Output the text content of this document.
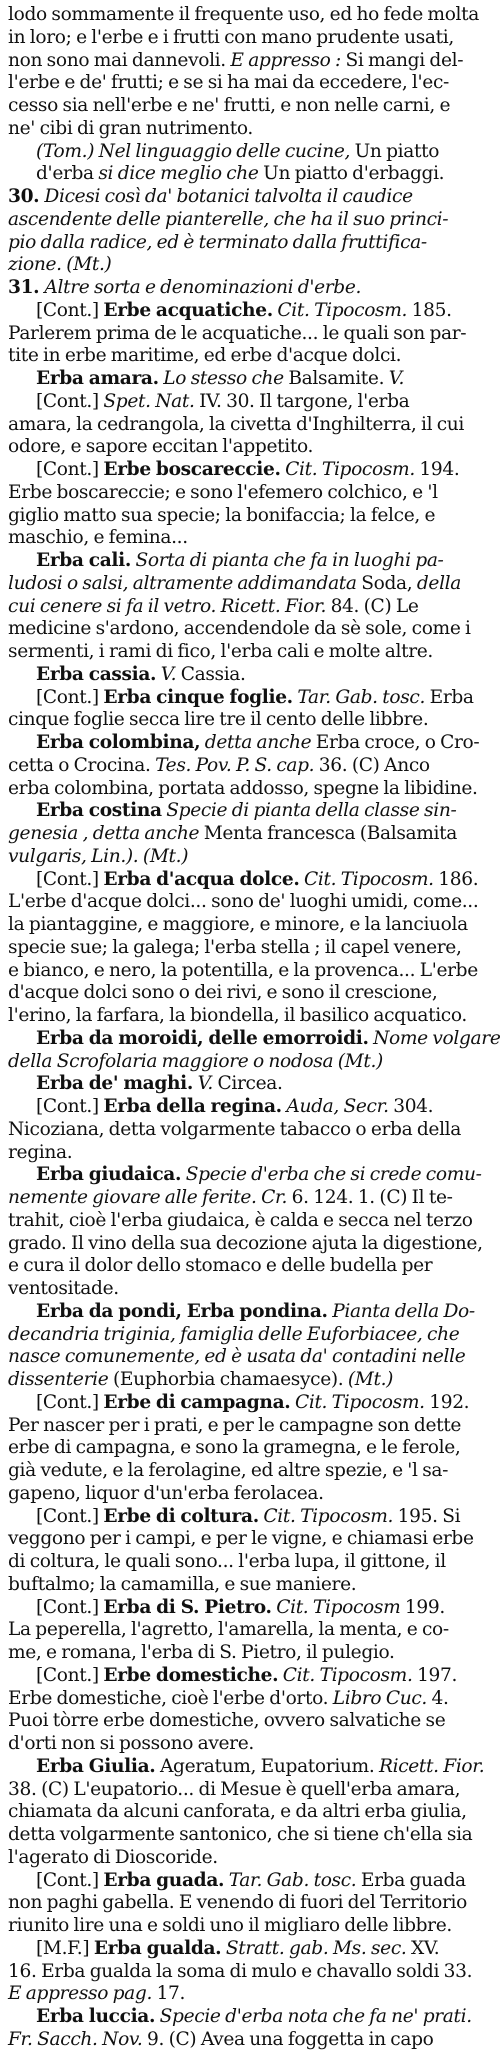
lodo sommamente il frequente uso, ed ho fede molta
in loro; e l'erbe e i frutti con mano prudente usati,
non sono mai dannevoli. E appresso : Si mangi del-
l'erbe e de' frutti; e se si ha mai da eccedere, l'ec-
cesso sia nell'erbe e ne' frutti, e non nelle carni, e
ne' cibi di gran nutrimento.
(Tom.) Nel linguaggio delle cucine, Un piatto
d'erba si dice meglio che Un piatto d'erbaggi.
30. Dicesi così da' botanici talvolta il caudice
ascendente delle pianterelle, che ha il suo princi-
pio dalla radice, ed è terminato dalla fruttifica-
zione. (Mt.)
31. Altre sorta e denominazioni d'erbe.
[Cont.] Erbe acquatiche. Cit. Tipocosm. 185.
Parlerem prima de le acquatiche... le quali son par-
tite in erbe maritime, ed erbe d'acque dolci.
Erba amara. Lo stesso che Balsamite. V.
[Cont.] Spet. Nat. IV. 30. Il targone, l'erba
amara, la cedrangola, la civetta d'Inghilterra, il cui
odore, e sapore eccitan l'appetito.
[Cont.] Erbe boscareccie. Cit. Tipocosm. 194.
Erbe boscareccie; e sono l'efemero colchico, e 'l
giglio matto sua specie; la bonifaccia; la felce, e
maschio, e femina...
Erba cali. Sorta di pianta che fa in luoghi pa-
ludosi o salsi, altramente addimandata Soda, della
cui cenere si fa il vetro. Ricett. Fior. 84. (C) Le
medicine s'ardono, accendendole da sè sole, come i
sermenti, i rami di fico, l'erba cali e molte altre.
Erba cassia. V. Cassia.
[Cont.] Erba cinque foglie. Tar. Gab. tosc. Erba
cinque foglie secca lire tre il cento delle libbre.
Erba colombina, detta anche Erba croce, o Cro-
cetta o Crocina. Tes. Pov. P. S. cap. 36. (C) Anco
erba colombina, portata addosso, spegne la libidine.
Erba costina Specie di pianta della classe sin-
genesia , detta anche Menta francesca (Balsamita
vulgaris, Lin.). (Mt.)
[Cont.] Erba d'acqua dolce. Cit. Tipocosm. 186.
L'erbe d'acque dolci... sono de' luoghi umidi, come...
la piantaggine, e maggiore, e minore, e la lanciuola
specie sue; la galega; l'erba stella ; il capel venere,
e bianco, e nero, la potentilla, e la provenca... L'erbe
d'acque dolci sono o dei rivi, e sono il crescione,
l'erino, la farfara, la biondella, il basilico acquatico.
Erba da moroidi, delle emorroidi. Nome volgare
della Scrofolaria maggiore o nodosa (Mt.)
Erba de' maghi. V. Circea.
[Cont.] Erba della regina. Auda, Secr. 304.
Nicoziana, detta volgarmente tabacco o erba della
regina.
Erba giudaica. Specie d'erba che si crede comu-
nemente giovare alle ferite. Cr. 6. 124. 1. (C) Il te-
trahit, cioè l'erba giudaica, è calda e secca nel terzo
grado. Il vino della sua decozione ajuta la digestione,
e cura il dolor dello stomaco e delle budella per
ventositade.
Erba da pondi, Erba pondina. Pianta della Do-
decandria triginia, famiglia delle Euforbiacee, che
nasce comunemente, ed è usata da' contadini nelle
dissenterie (Euphorbia chamaesyce). (Mt.)
[Cont.] Erbe di campagna. Cit. Tipocosm. 192.
Per nascer per i prati, e per le campagne son dette
erbe di campagna, e sono la gramegna, e le ferole,
già vedute, e la ferolagine, ed altre spezie, e 'l sa-
gapeno, liquor d'un'erba ferolacea.
[Cont.] Erbe di coltura. Cit. Tipocosm. 195. Si
veggono per i campi, e per le vigne, e chiamasi erbe
di coltura, le quali sono... l'erba lupa, il gittone, il
buftalmo; la camamilla, e sue maniere.
[Cont.] Erba di S. Pietro. Cit. Tipocosm 199.
La peperella, l'agretto, l'amarella, la menta, e co-
me, e romana, l'erba di S. Pietro, il pulegio.
[Cont.] Erbe domestiche. Cit. Tipocosm. 197.
Erbe domestiche, cioè l'erbe d'orto. Libro Cuc. 4.
Puoi tòrre erbe domestiche, ovvero salvatiche se
d'orti non si possono avere.
Erba Giulia. Ageratum, Eupatorium. Ricett. Fior.
38. (C) L'eupatorio... di Mesue è quell'erba amara,
chiamata da alcuni canforata, e da altri erba giulia,
detta volgarmente santonico, che si tiene ch'ella sia
l'agerato di Dioscoride.
[Cont.] Erba guada. Tar. Gab. tosc. Erba guada
non paghi gabella. E venendo di fuori del Territorio
riunito lire una e soldi uno il migliaro delle libbre.
[M.F.] Erba gualda. Stratt. gab. Ms. sec. XV.
16. Erba gualda la soma di mulo e chavallo soldi 33.
E appresso pag. 17.
Erba luccia. Specie d'erba nota che fa ne' prati.
Fr. Sacch. Nov. 9. (C) Avea una foggetta in capo
